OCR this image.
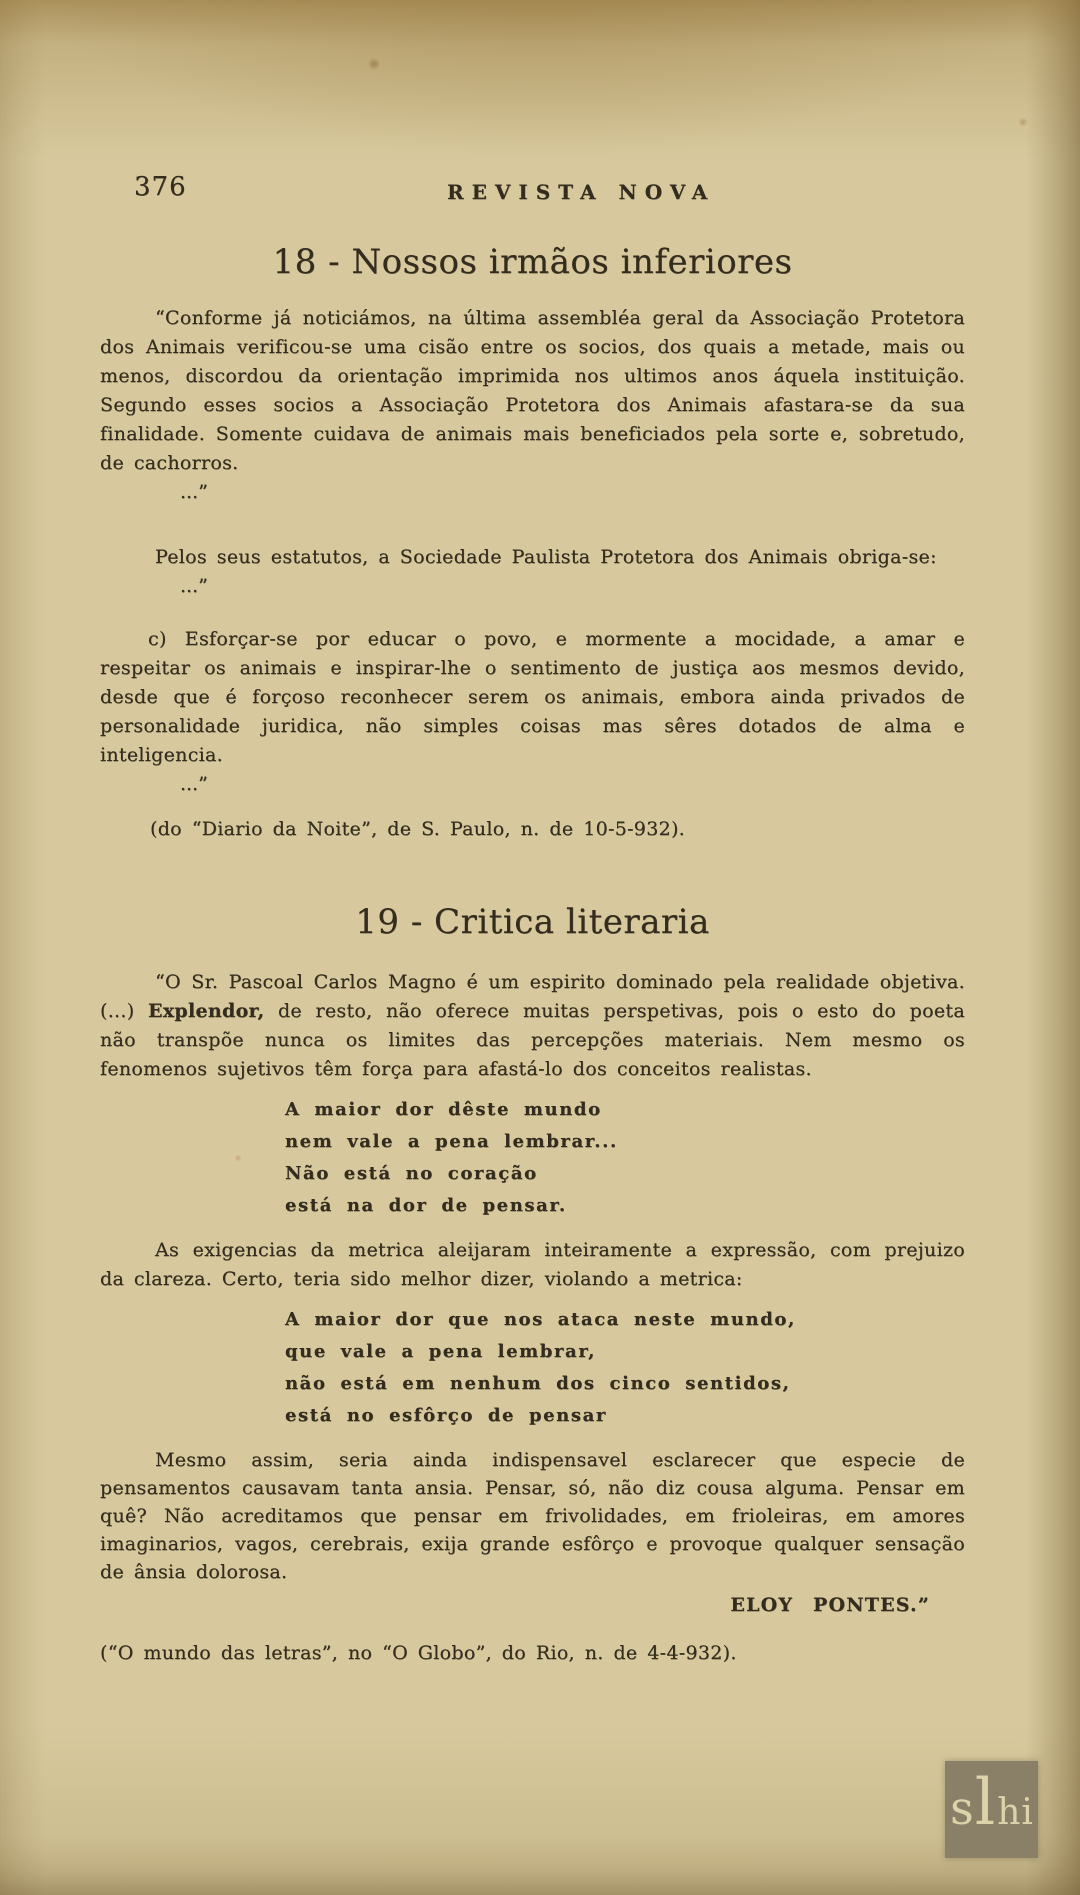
376	REVISTA NOVA
18 - Nossos irmãos inferiores

“Conforme já noticiámos, na última assembléa geral da Associação Protetora dos Animais verificou-se uma cisão entre os socios, dos quais a metade, mais ou menos, discordou da orientação imprimida nos ultimos anos áquela instituição. Segundo esses socios a Associação Protetora dos Animais afastara-se da sua finalidade. Somente cuidava de animais mais beneficiados pela sorte e, sobretudo, de cachorros.

...”

Pelos seus estatutos, a Sociedade Paulista Protetora dos Animais obriga-se:

...”

c) Esforçar-se por educar o povo, e mormente a mocidade, a amar e respeitar os animais e inspirar-lhe o sentimento de justiça aos mesmos devido, desde que é forçoso reconhecer serem os animais, embora ainda privados de personalidade juridica, não simples coisas mas sêres dotados de alma e inteligencia.

...”

(do “Diario da Noite”, de S. Paulo, n. de 10-5-932).

19 - Critica literaria

“O Sr. Pascoal Carlos Magno é um espirito dominado pela realidade objetiva. (...) Explendor, de resto, não oferece muitas perspetivas, pois o esto do poeta não transpõe nunca os limites das percepções materiais. Nem mesmo os fenomenos sujetivos têm força para afastá-lo dos conceitos realistas.

A maior dor dêste mundo
nem vale a pena lembrar...
Não está no coração
está na dor de pensar.

As exigencias da metrica aleijaram inteiramente a expressão, com prejuizo da clareza. Certo, teria sido melhor dizer, violando a metrica:

A maior dor que nos ataca neste mundo,
que vale a pena lembrar,
não está em nenhum dos cinco sentidos,
está no esfôrço de pensar

Mesmo assim, seria ainda indispensavel esclarecer que especie de pensamentos causavam tanta ansia. Pensar, só, não diz cousa alguma. Pensar em quê? Não acreditamos que pensar em frivolidades, em frioleiras, em amores imaginarios, vagos, cerebrais, exija grande esfôrço e provoque qualquer sensação de ânsia dolorosa.

ELOY PONTES.”

(“O mundo das letras”, no “O Globo”, do Rio, n. de 4-4-932).

s l h i
